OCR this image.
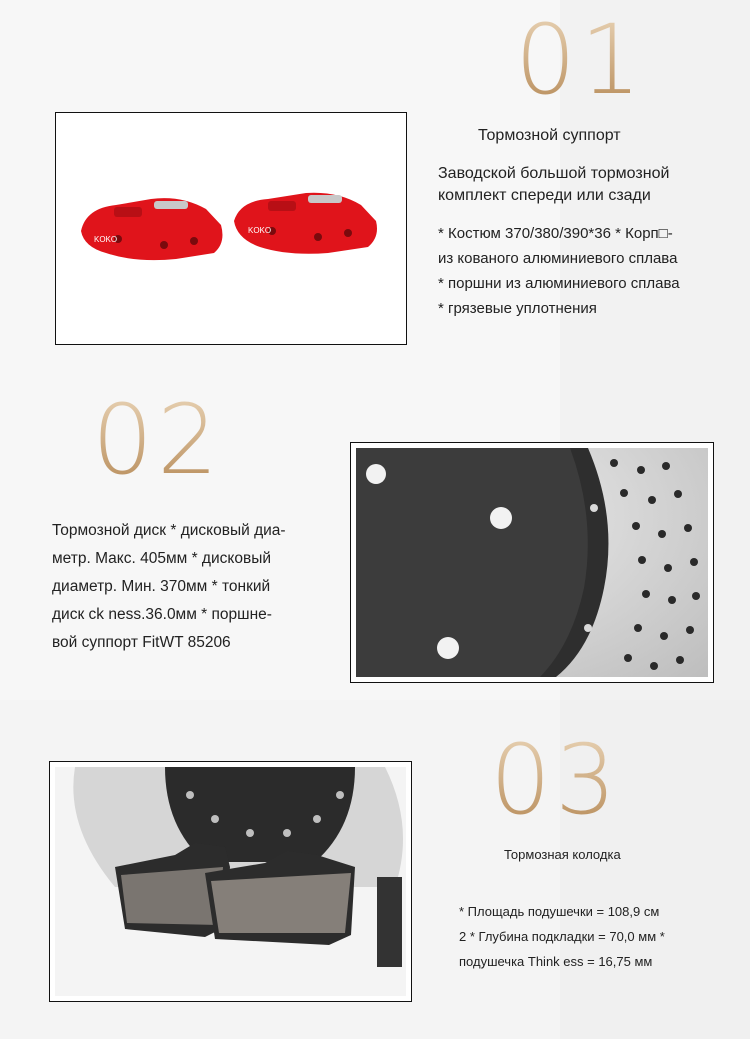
01
KOKO
KOKO
Тормозной суппорт
Заводской большой тормозной
комплект спереди или сзади
* Костюм 370/380/390*36 * Корп□-
из кованого алюминиевого сплава
* поршни из алюминиевого сплава
* грязевые уплотнения
02
Тормозной диск * дисковый диа-
метр. Макс. 405мм * дисковый
диаметр. Мин. 370мм * тонкий
диск ck ness.36.0мм * поршне-
вой суппорт FitWT 85206
03
Тормозная колодка
* Площадь подушечки = 108,9 см
2 * Глубина подкладки = 70,0 мм *
подушечка Think ess = 16,75 мм
